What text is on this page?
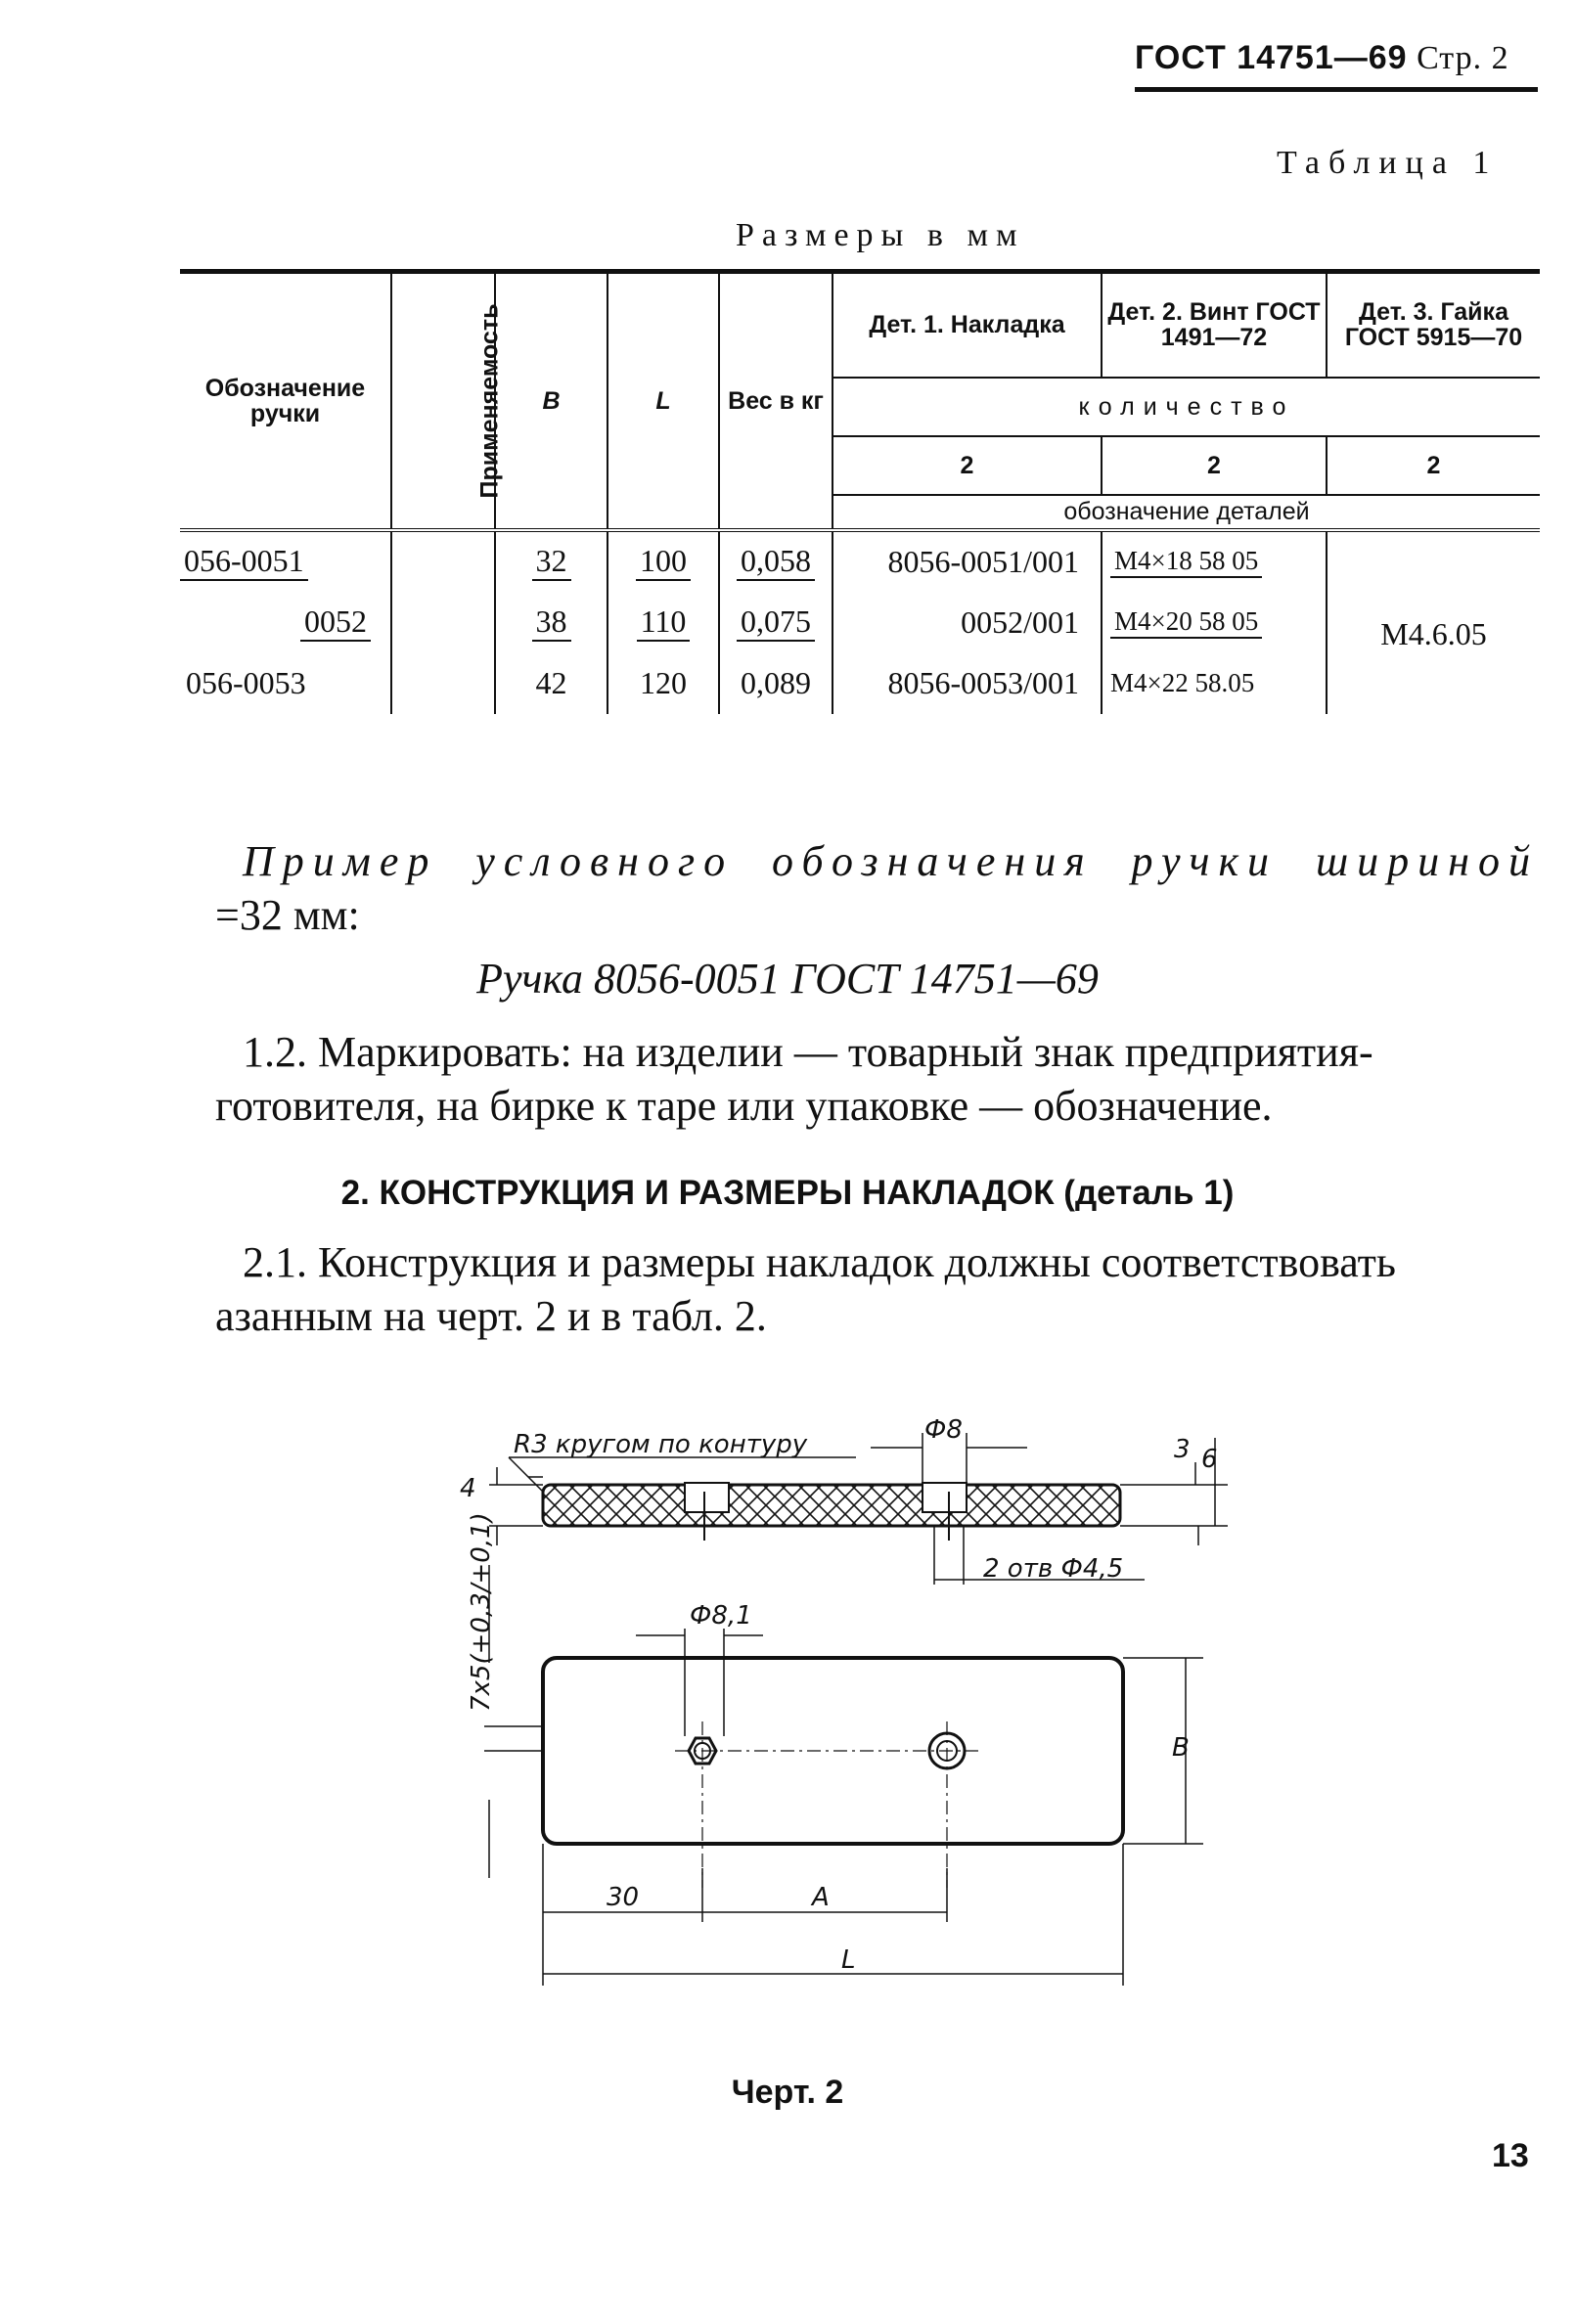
ГОСТ 14751—69 Стр. 2
Таблица 1
Размеры в мм
Обозначение ручки	Применяемость	B	L	Вес в кг	Дет. 1. Накладка	Дет. 2. Винт ГОСТ 1491—72	Дет. 3. Гайка ГОСТ 5915—70
					количество		
					2	2	2
					обозначение деталей		
056-0051		32	100	0,058	8056-0051/001	M4×18 58 05	M4.6.05
0052		38	110	0,075	0052/001	M4×20 58 05	
056-0053		42	120	0,089	8056-0053/001	M4×22 58.05	
Пример условного обозначения ручки шириной
=32 мм:
Ручка 8056-0051 ГОСТ 14751—69
1.2. Маркировать: на изделии — товарный знак предприятия-
готовителя, на бирке к таре или упаковке — обозначение.
2. КОНСТРУКЦИЯ И РАЗМЕРЫ НАКЛАДОК (деталь 1)
2.1. Конструкция и размеры накладок должны соответствовать
азанным на черт. 2 и в табл. 2.
R3 кругом по контуру	Ф8
3 6
4
2 отв Ф4,5
Ф8,1
B
7x5(+0,3/+0,1)
30	A
L
Черт. 2
13
